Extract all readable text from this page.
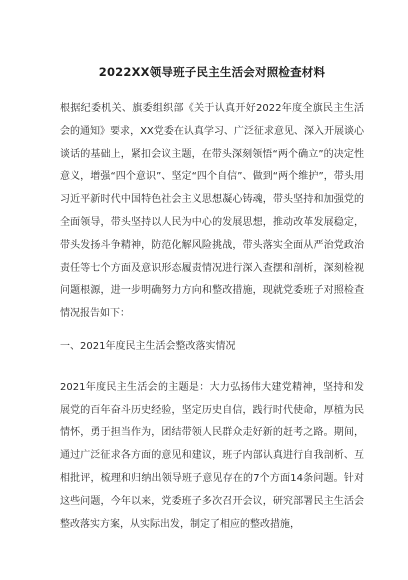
2022XX领导班子民主生活会对照检查材料

根据纪委机关、旗委组织部《关于认真开好2022年度全旗民主生活会的通知》要求，XX党委在认真学习、广泛征求意见、深入开展谈心谈话的基础上，紧扣会议主题，在带头深刻领悟“两个确立”的决定性意义，增强“四个意识”、坚定“四个自信”、做到“两个维护”，带头用习近平新时代中国特色社会主义思想凝心铸魂，带头坚持和加强党的全面领导，带头坚持以人民为中心的发展思想，推动改革发展稳定，带头发扬斗争精神，防范化解风险挑战，带头落实全面从严治党政治责任等七个方面及意识形态履责情况进行深入查摆和剖析，深刻检视问题根源，进一步明确努力方向和整改措施，现就党委班子对照检查情况报告如下：

一、2021年度民主生活会整改落实情况

2021年度民主生活会的主题是：大力弘扬伟大建党精神，坚持和发展党的百年奋斗历史经验，坚定历史自信，践行时代使命，厚植为民情怀，勇于担当作为，团结带领人民群众走好新的赶考之路。期间，通过广泛征求各方面的意见和建议，班子内部认真进行自我剖析、互相批评，梳理和归纳出领导班子意见存在的7个方面14条问题。针对这些问题，今年以来，党委班子多次召开会议，研究部署民主生活会整改落实方案，从实际出发，制定了相应的整改措施，
